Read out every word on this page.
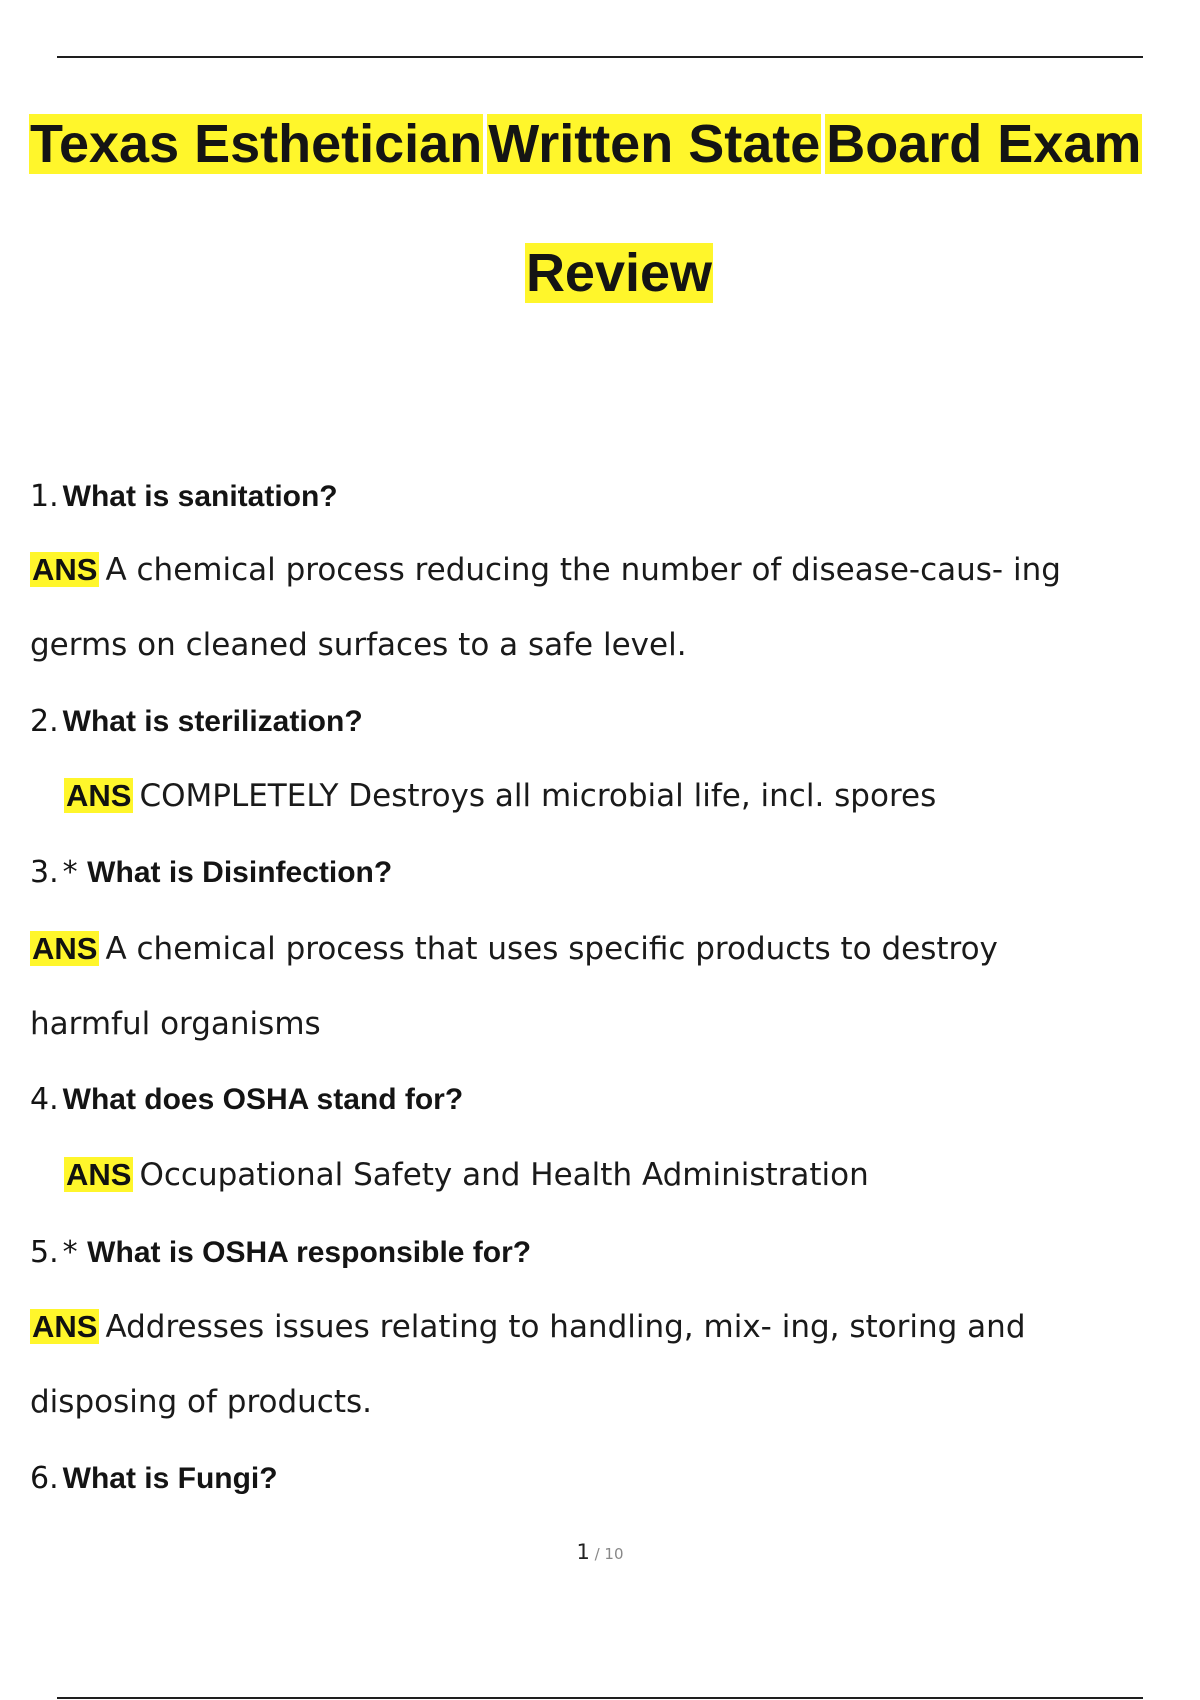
Texas Esthetician Written State Board Exam
Review
1. What is sanitation?
ANS A chemical process reducing the number of disease-caus- ing
germs on cleaned surfaces to a safe level.
2. What is sterilization?
ANS COMPLETELY Destroys all microbial life, incl. spores
3. * What is Disinfection?
ANS A chemical process that uses specific products to destroy
harmful organisms
4. What does OSHA stand for?
ANS Occupational Safety and Health Administration
5. * What is OSHA responsible for?
ANS Addresses issues relating to handling, mix- ing, storing and
disposing of products.
6. What is Fungi?
1 / 10
